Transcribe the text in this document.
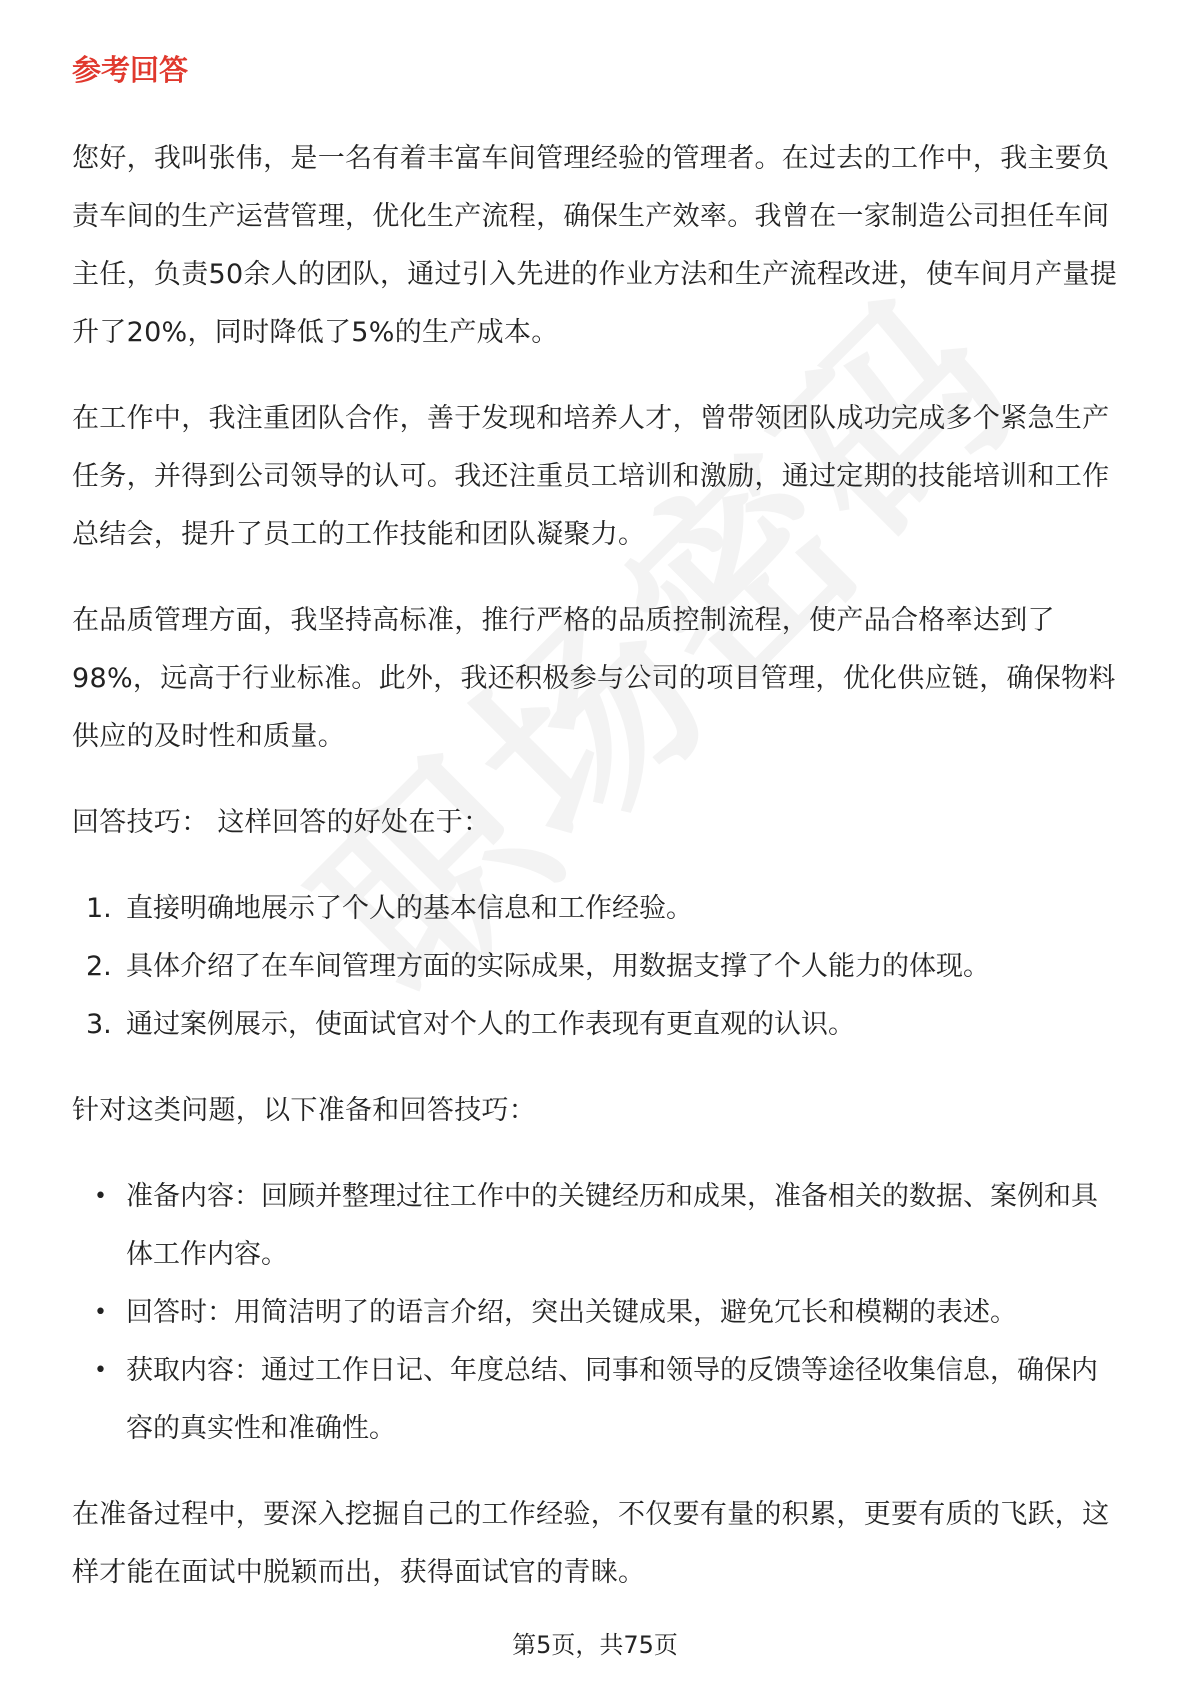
参考回答

您好，我叫张伟，是一名有着丰富车间管理经验的管理者。在过去的工作中，我主要负责车间的生产运营管理，优化生产流程，确保生产效率。我曾在一家制造公司担任车间主任，负责50余人的团队，通过引入先进的作业方法和生产流程改进，使车间月产量提升了20%，同时降低了5%的生产成本。

在工作中，我注重团队合作，善于发现和培养人才，曾带领团队成功完成多个紧急生产任务，并得到公司领导的认可。我还注重员工培训和激励，通过定期的技能培训和工作总结会，提升了员工的工作技能和团队凝聚力。

在品质管理方面，我坚持高标准，推行严格的品质控制流程，使产品合格率达到了98%，远高于行业标准。此外，我还积极参与公司的项目管理，优化供应链，确保物料供应的及时性和质量。

回答技巧： 这样回答的好处在于：

1. 直接明确地展示了个人的基本信息和工作经验。
2. 具体介绍了在车间管理方面的实际成果，用数据支撑了个人能力的体现。
3. 通过案例展示，使面试官对个人的工作表现有更直观的认识。

针对这类问题，以下准备和回答技巧：

• 准备内容：回顾并整理过往工作中的关键经历和成果，准备相关的数据、案例和具体工作内容。
• 回答时：用简洁明了的语言介绍，突出关键成果，避免冗长和模糊的表述。
• 获取内容：通过工作日记、年度总结、同事和领导的反馈等途径收集信息，确保内容的真实性和准确性。

在准备过程中，要深入挖掘自己的工作经验，不仅要有量的积累，更要有质的飞跃，这样才能在面试中脱颖而出，获得面试官的青睐。

第5页，共75页
